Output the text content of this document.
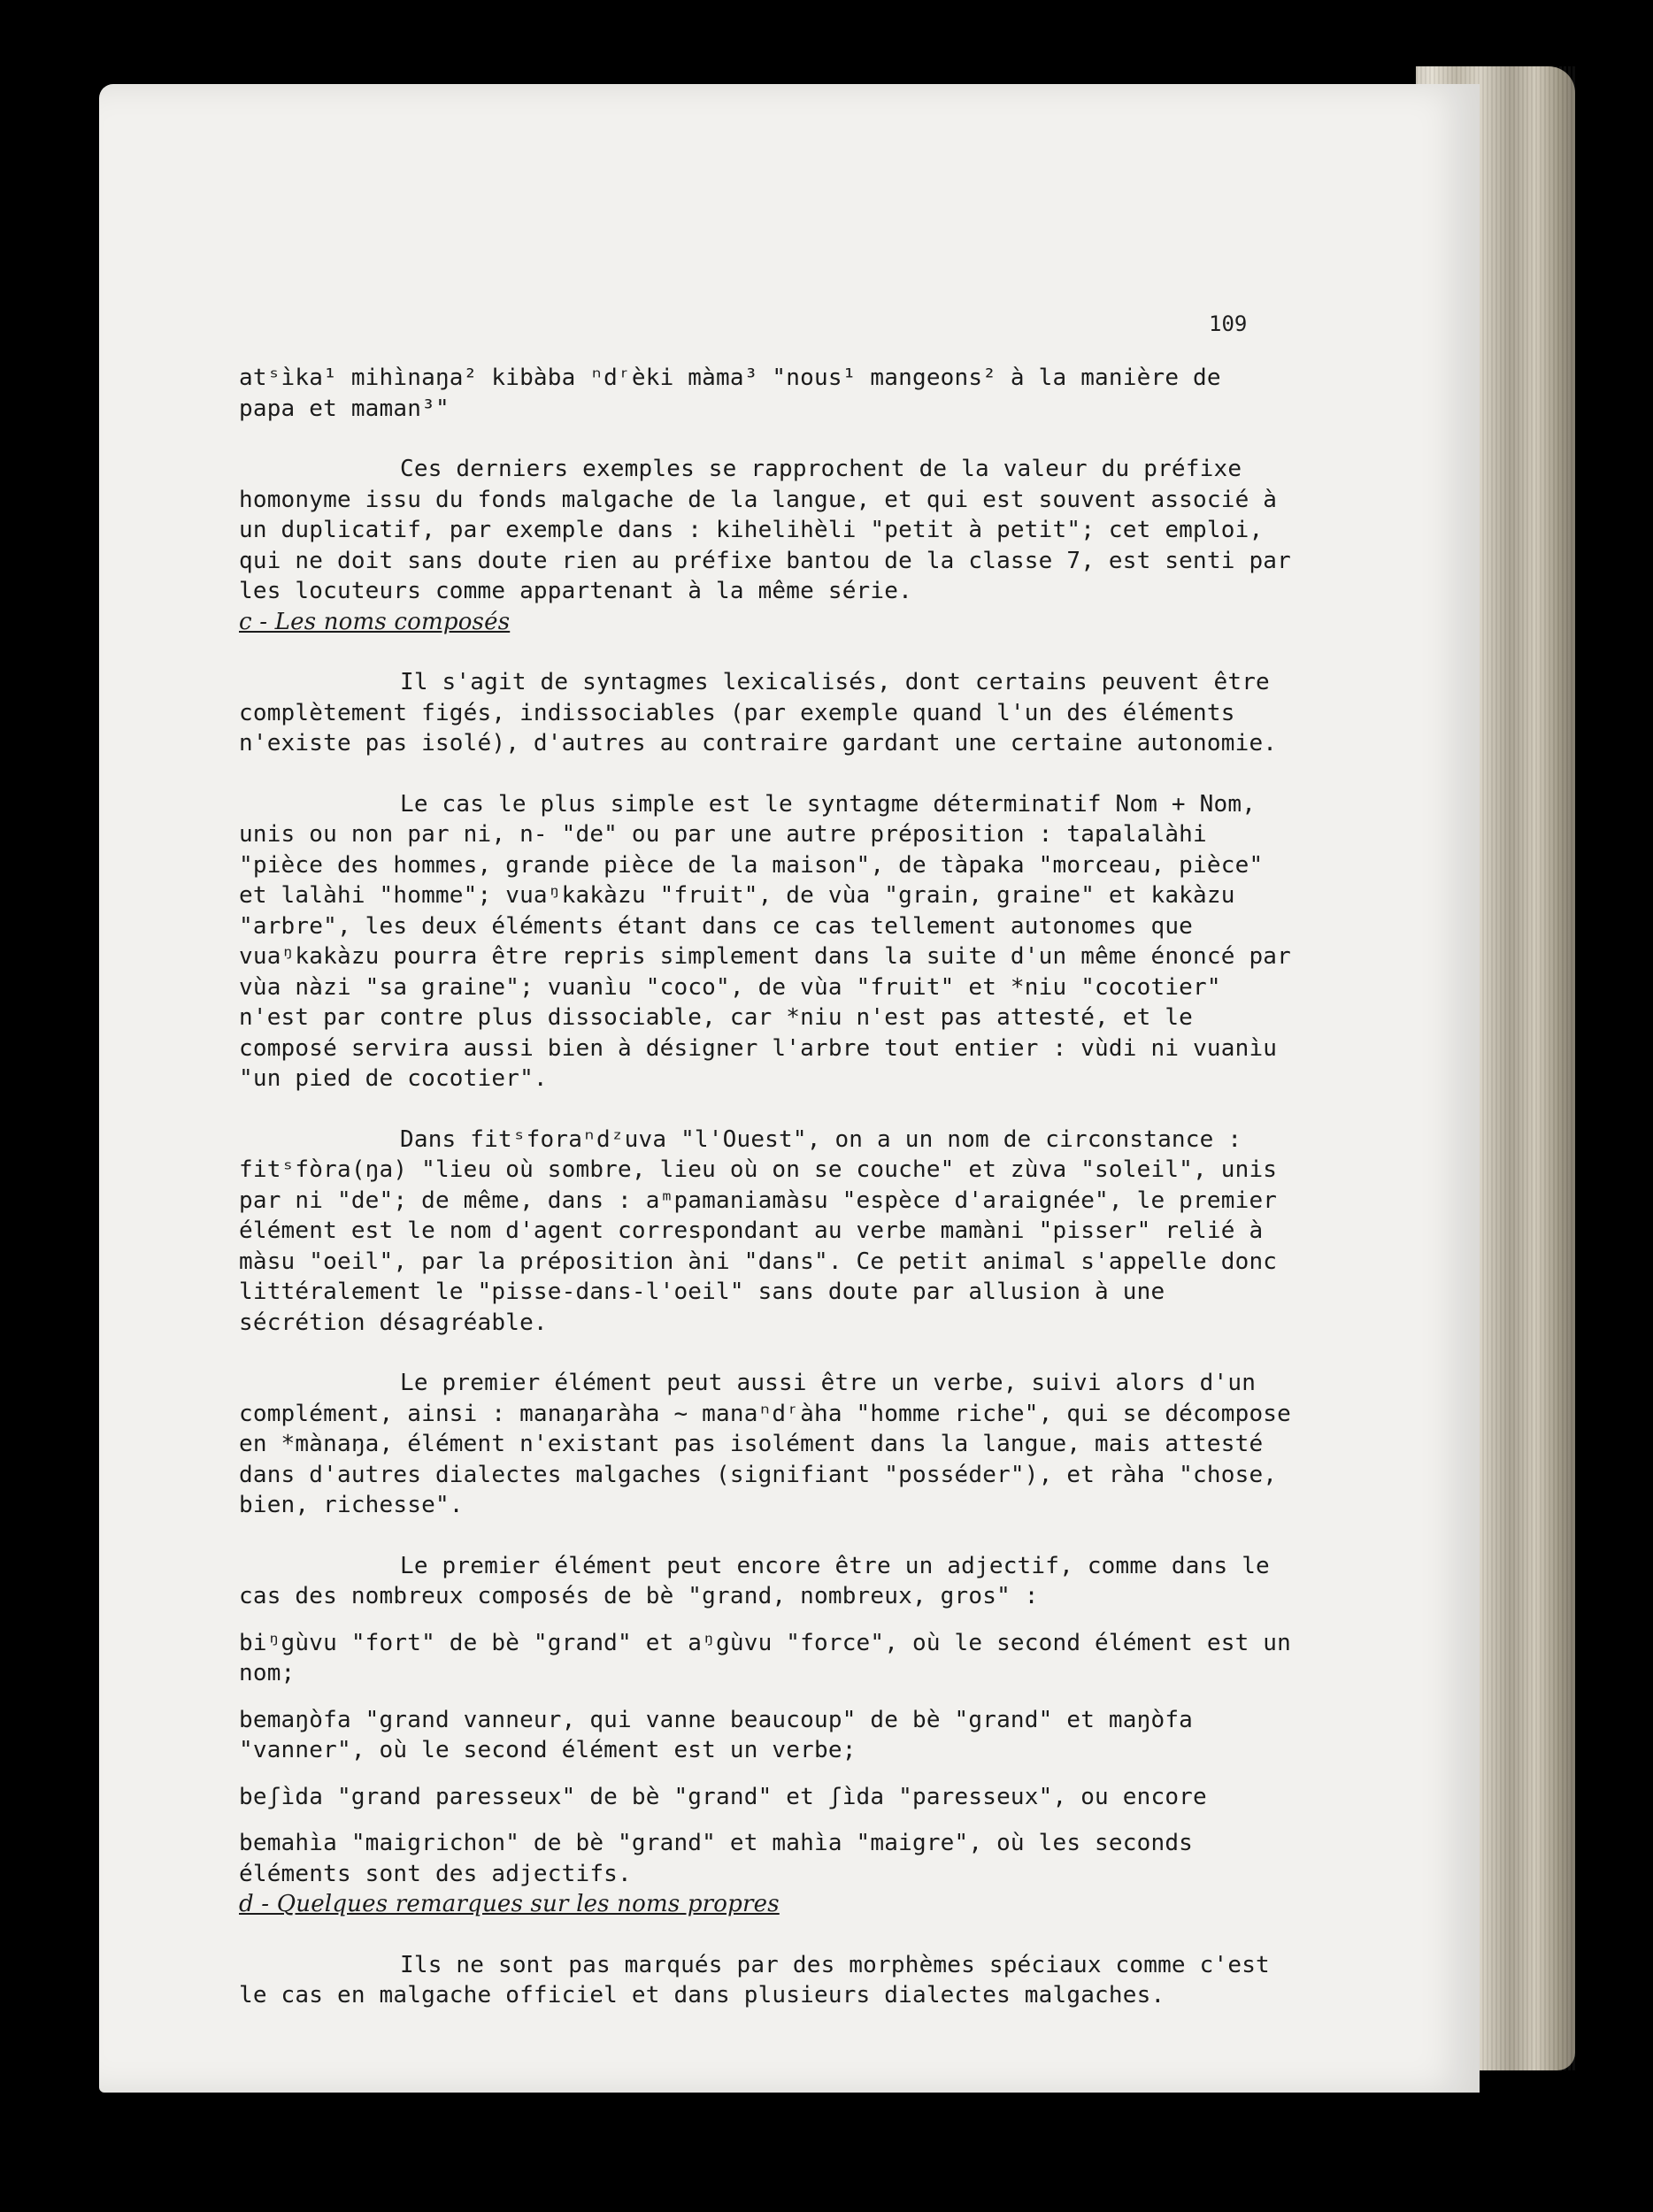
109

atˢìka¹ mihìnaŋa² kibàba ⁿdʳèki màma³ "nous¹ mangeons² à la manière de

papa et maman³"

Ces derniers exemples se rapprochent de la valeur du préfixe homonyme issu du fonds malgache de la langue, et qui est souvent associé à un duplicatif, par exemple dans : kihelihèli "petit à petit"; cet emploi, qui ne doit sans doute rien au préfixe bantou de la classe 7, est senti par les locuteurs comme appartenant à la même série.

c - Les noms composés

Il s'agit de syntagmes lexicalisés, dont certains peuvent être complètement figés, indissociables (par exemple quand l'un des éléments n'existe pas isolé), d'autres au contraire gardant une certaine autonomie.

Le cas le plus simple est le syntagme déterminatif Nom + Nom, unis ou non par ni, n- "de" ou par une autre préposition : tapalalàhi "pièce des hommes, grande pièce de la maison", de tàpaka "morceau, pièce" et lalàhi "homme"; vuaᵑkakàzu "fruit", de vùa "grain, graine" et kakàzu "arbre", les deux éléments étant dans ce cas tellement autonomes que vuaᵑkakàzu pourra être repris simplement dans la suite d'un même énoncé par vùa nàzi "sa graine"; vuanìu "coco", de vùa "fruit" et *niu "cocotier" n'est par contre plus dissociable, car *niu n'est pas attesté, et le composé servira aussi bien à désigner l'arbre tout entier : vùdi ni vuanìu "un pied de cocotier".

Dans fitˢforaⁿdᶻuva "l'Ouest", on a un nom de circonstance : fitˢfòra(ŋa) "lieu où sombre, lieu où on se couche" et zùva "soleil", unis par ni "de"; de même, dans : aᵐpamaniamàsu "espèce d'araignée", le premier élément est le nom d'agent correspondant au verbe mamàni "pisser" relié à màsu "oeil", par la préposition àni "dans". Ce petit animal s'appelle donc littéralement le "pisse-dans-l'oeil" sans doute par allusion à une sécrétion désagréable.

Le premier élément peut aussi être un verbe, suivi alors d'un complément, ainsi : manaŋaràha ~ manaⁿdʳàha "homme riche", qui se décompose en *mànaŋa, élément n'existant pas isolément dans la langue, mais attesté dans d'autres dialectes malgaches (signifiant "posséder"), et ràha "chose, bien, richesse".

Le premier élément peut encore être un adjectif, comme dans le cas des nombreux composés de bè "grand, nombreux, gros" :

biᵑgùvu "fort" de bè "grand" et aᵑgùvu "force", où le second élément est un nom;

bemaŋòfa "grand vanneur, qui vanne beaucoup" de bè "grand" et maŋòfa "vanner", où le second élément est un verbe;

beʃìda "grand paresseux" de bè "grand" et ʃìda "paresseux", ou encore

bemahìa "maigrichon" de bè "grand" et mahìa "maigre", où les seconds éléments sont des adjectifs.

d - Quelques remarques sur les noms propres

Ils ne sont pas marqués par des morphèmes spéciaux comme c'est le cas en malgache officiel et dans plusieurs dialectes malgaches.
